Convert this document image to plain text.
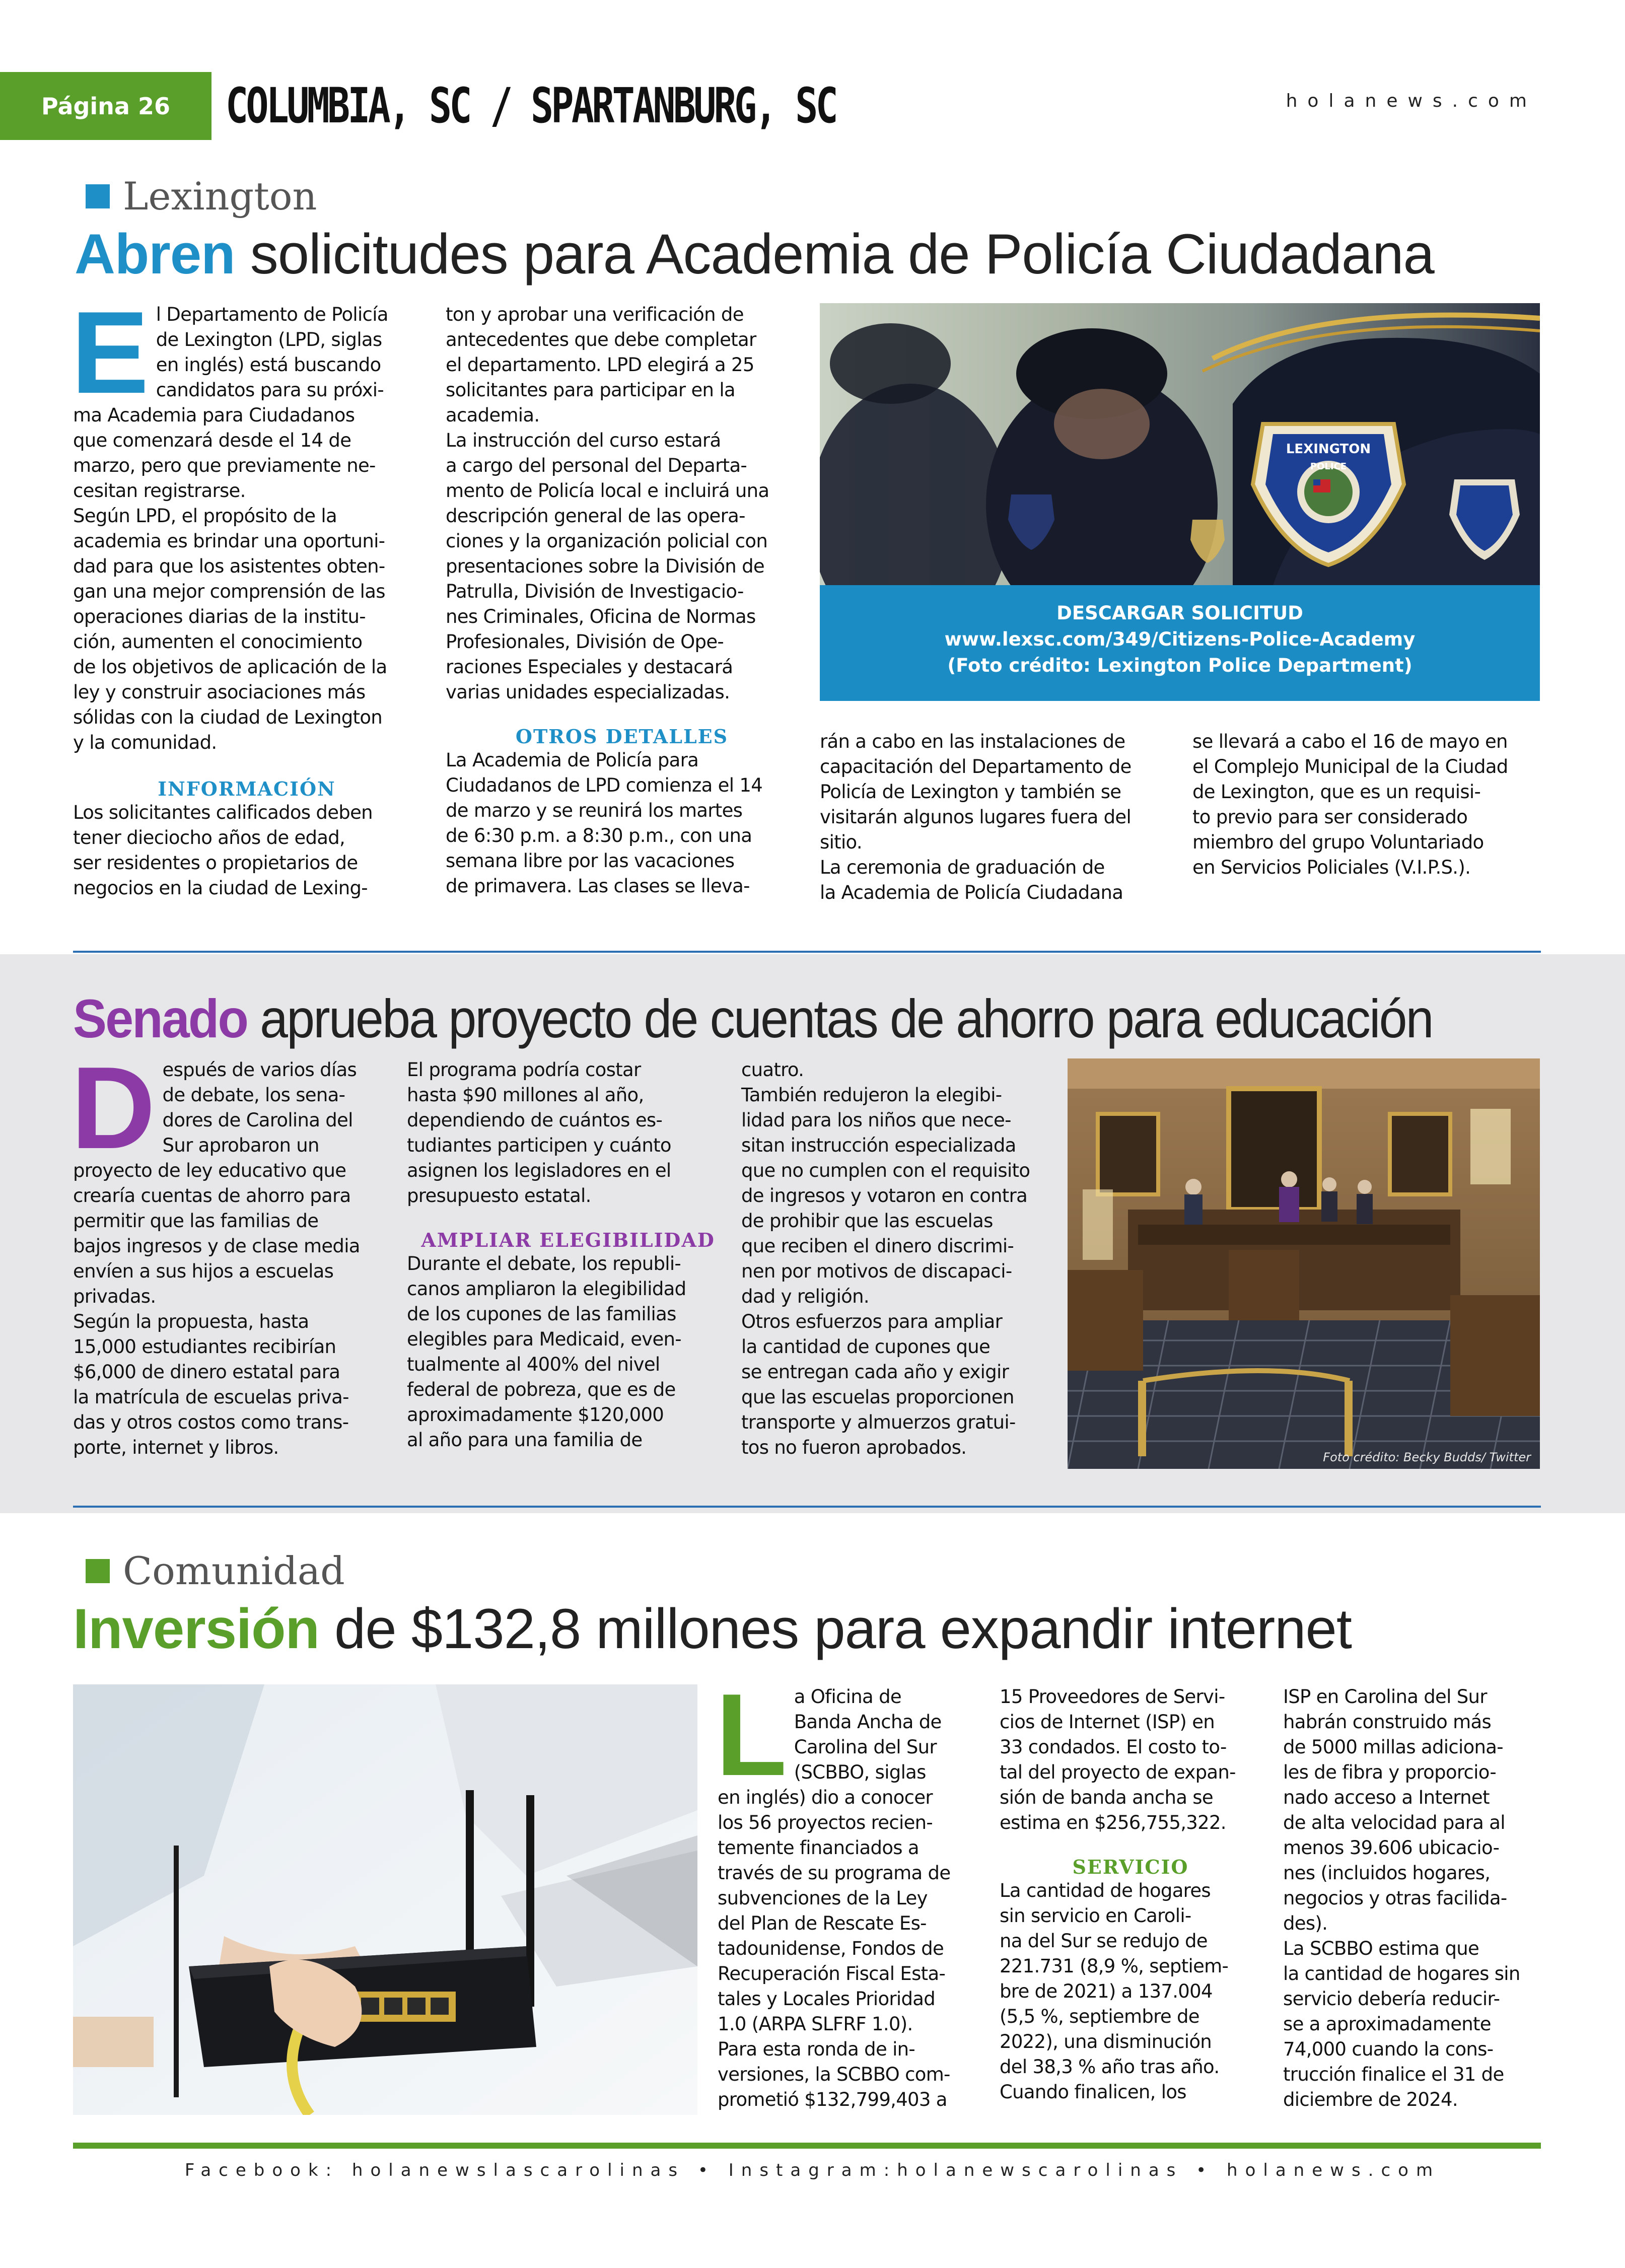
Página 26 COLUMBIA, SC / SPARTANBURG, SC	holanews.com
Lexington
Abren solicitudes para Academia de Policía Ciudadana
E l Departamento de Policía
de Lexington (LPD, siglas
en inglés) está buscando
candidatos para su próxi-
ma Academia para Ciudadanos
que comenzará desde el 14 de
marzo, pero que previamente ne-
cesitan registrarse.
Según LPD, el propósito de la
academia es brindar una oportuni-
dad para que los asistentes obten-
gan una mejor comprensión de las
operaciones diarias de la institu-
ción, aumenten el conocimiento
de los objetivos de aplicación de la
ley y construir asociaciones más
sólidas con la ciudad de Lexington
y la comunidad.
INFORMACIÓN
Los solicitantes calificados deben
tener dieciocho años de edad,
ser residentes o propietarios de
negocios en la ciudad de Lexing-
ton y aprobar una verificación de
antecedentes que debe completar
el departamento. LPD elegirá a 25
solicitantes para participar en la
academia.
La instrucción del curso estará
a cargo del personal del Departa-
mento de Policía local e incluirá una
descripción general de las opera-
ciones y la organización policial con
presentaciones sobre la División de
Patrulla, División de Investigacio-
nes Criminales, Oficina de Normas
Profesionales, División de Ope-
raciones Especiales y destacará
varias unidades especializadas.
OTROS DETALLES
La Academia de Policía para
Ciudadanos de LPD comienza el 14
de marzo y se reunirá los martes
de 6:30 p.m. a 8:30 p.m., con una
semana libre por las vacaciones
de primavera. Las clases se lleva-
LEXINGTON
POLICE
DESCARGAR SOLICITUD
www.lexsc.com/349/Citizens-Police-Academy
(Foto crédito: Lexington Police Department)
rán a cabo en las instalaciones de
capacitación del Departamento de
Policía de Lexington y también se
visitarán algunos lugares fuera del
sitio.
La ceremonia de graduación de
la Academia de Policía Ciudadana
se llevará a cabo el 16 de mayo en
el Complejo Municipal de la Ciudad
de Lexington, que es un requisi-
to previo para ser considerado
miembro del grupo Voluntariado
en Servicios Policiales (V.I.P.S.).
Senado aprueba proyecto de cuentas de ahorro para educación
D espués de varios días
de debate, los sena-
dores de Carolina del
Sur aprobaron un
proyecto de ley educativo que
crearía cuentas de ahorro para
permitir que las familias de
bajos ingresos y de clase media
envíen a sus hijos a escuelas
privadas.
Según la propuesta, hasta
15,000 estudiantes recibirían
$6,000 de dinero estatal para
la matrícula de escuelas priva-
das y otros costos como trans-
porte, internet y libros.
El programa podría costar
hasta $90 millones al año,
dependiendo de cuántos es-
tudiantes participen y cuánto
asignen los legisladores en el
presupuesto estatal.
AMPLIAR ELEGIBILIDAD
Durante el debate, los republi-
canos ampliaron la elegibilidad
de los cupones de las familias
elegibles para Medicaid, even-
tualmente al 400% del nivel
federal de pobreza, que es de
aproximadamente $120,000
al año para una familia de
cuatro.
También redujeron la elegibi-
lidad para los niños que nece-
sitan instrucción especializada
que no cumplen con el requisito
de ingresos y votaron en contra
de prohibir que las escuelas
que reciben el dinero discrimi-
nen por motivos de discapaci-
dad y religión.
Otros esfuerzos para ampliar
la cantidad de cupones que
se entregan cada año y exigir
que las escuelas proporcionen
transporte y almuerzos gratui-
tos no fueron aprobados.	Foto crédito: Becky Budds/ Twitter
Comunidad
Inversión de $132,8 millones para expandir internet
L a Oficina de
Banda Ancha de
Carolina del Sur
(SCBBO, siglas
en inglés) dio a conocer
los 56 proyectos recien-
temente financiados a
través de su programa de
subvenciones de la Ley
del Plan de Rescate Es-
tadounidense, Fondos de
Recuperación Fiscal Esta-
tales y Locales Prioridad
1.0 (ARPA SLFRF 1.0).
Para esta ronda de in-
versiones, la SCBBO com-
prometió $132,799,403 a
15 Proveedores de Servi-
cios de Internet (ISP) en
33 condados. El costo to-
tal del proyecto de expan-
sión de banda ancha se
estima en $256,755,322.
SERVICIO
La cantidad de hogares
sin servicio en Caroli-
na del Sur se redujo de
221.731 (8,9 %, septiem-
bre de 2021) a 137.004
(5,5 %, septiembre de
2022), una disminución
del 38,3 % año tras año.
Cuando finalicen, los
ISP en Carolina del Sur
habrán construido más
de 5000 millas adiciona-
les de fibra y proporcio-
nado acceso a Internet
de alta velocidad para al
menos 39.606 ubicacio-
nes (incluidos hogares,
negocios y otras facilida-
des).
La SCBBO estima que
la cantidad de hogares sin
servicio debería reducir-
se a aproximadamente
74,000 cuando la cons-
trucción finalice el 31 de
diciembre de 2024.
Facebook: holanewslascarolinas • Instagram:holanewscarolinas • holanews.com
